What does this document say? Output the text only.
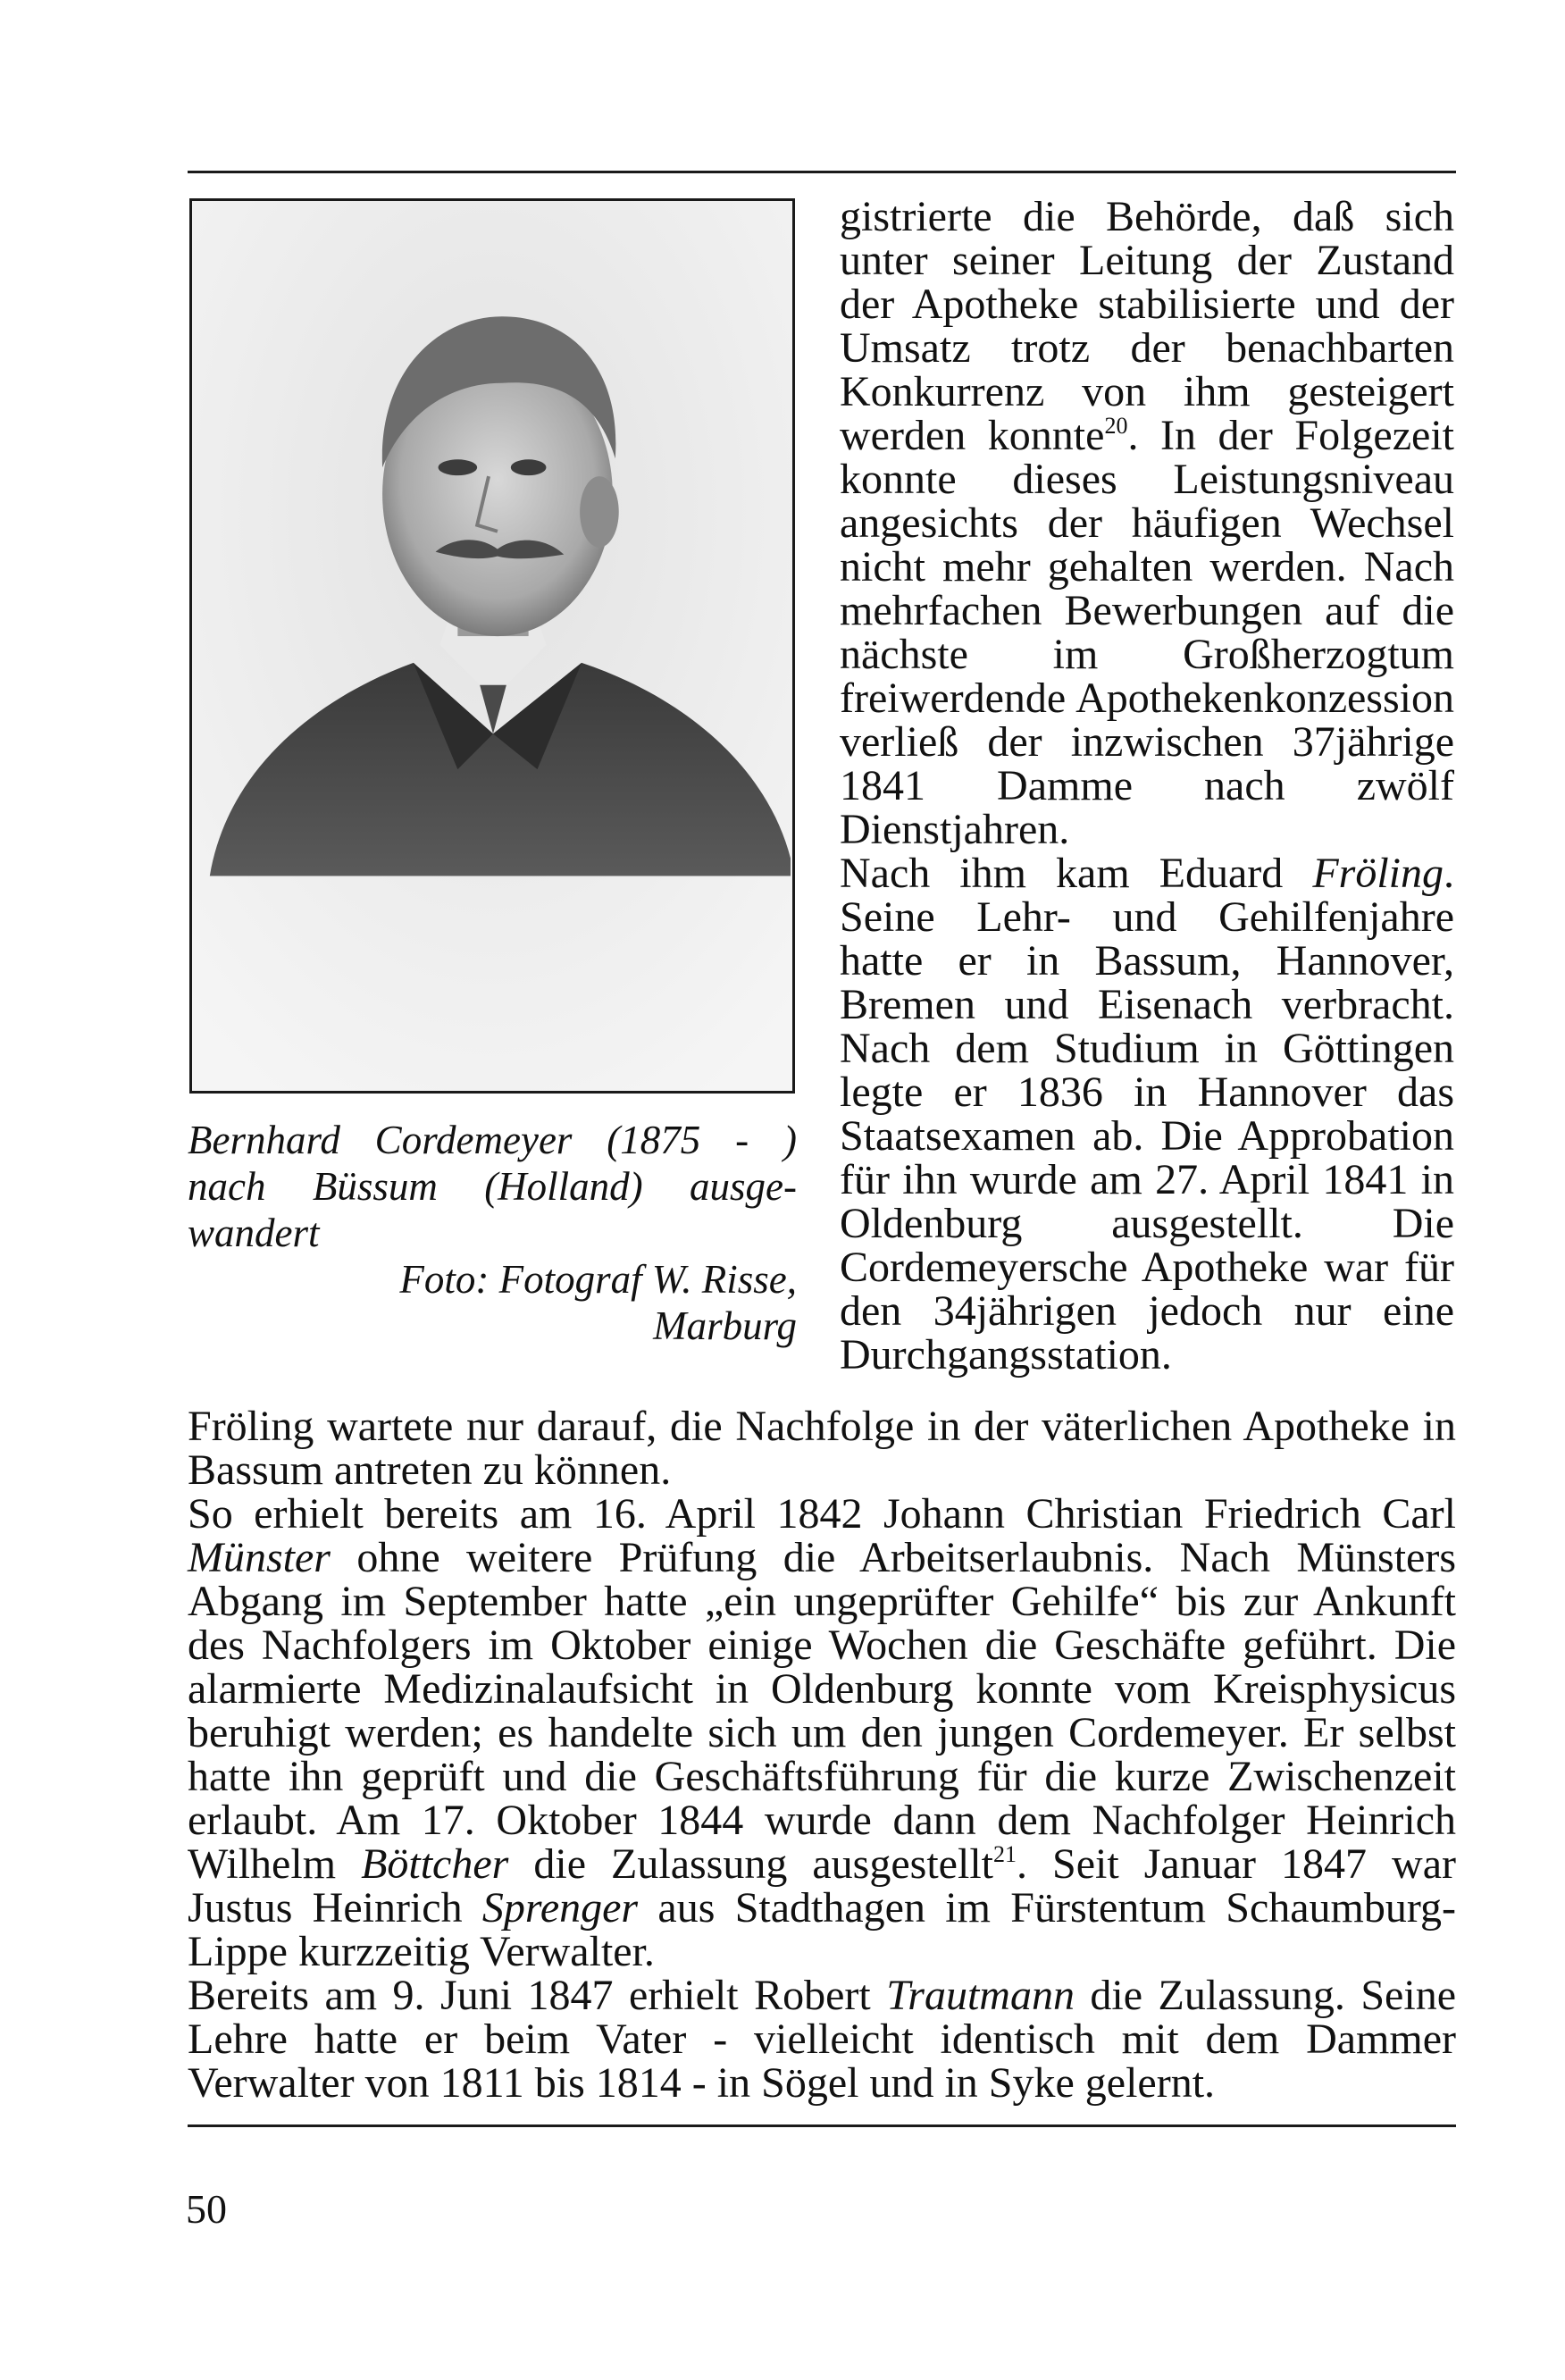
Bernhard Cordemeyer (1875 - )
nach Büssum (Holland) ausge-
wandert
Foto: Fotograf W. Risse,
Marburg

gistrierte die Behörde, daß sich unter seiner Leitung der Zustand der Apotheke stabilisierte und der Umsatz trotz der benachbarten Konkurrenz von ihm gesteigert werden konnte$^{20}$. In der Folgezeit konnte dieses Leistungsniveau angesichts der häufigen Wechsel nicht mehr gehalten werden. Nach mehrfachen Bewerbungen auf die nächste im Großherzogtum freiwerdende Apothekenkonzession verließ der inzwischen 37jährige 1841 Damme nach zwölf Dienstjahren.

Nach ihm kam Eduard Fröling. Seine Lehr- und Gehilfenjahre hatte er in Bassum, Hannover, Bremen und Eisenach verbracht. Nach dem Studium in Göttingen legte er 1836 in Hannover das Staatsexamen ab. Die Approbation für ihn wurde am 27. April 1841 in Oldenburg ausgestellt. Die Cordemeyersche Apotheke war für den 34jährigen jedoch nur eine Durchgangsstation.

Fröling wartete nur darauf, die Nachfolge in der väterlichen Apotheke in Bassum antreten zu können.

So erhielt bereits am 16. April 1842 Johann Christian Friedrich Carl Münster ohne weitere Prüfung die Arbeitserlaubnis. Nach Münsters Abgang im September hatte „ein ungeprüfter Gehilfe“ bis zur Ankunft des Nachfolgers im Oktober einige Wochen die Geschäfte geführt. Die alarmierte Medizinalaufsicht in Oldenburg konnte vom Kreisphysicus beruhigt werden; es handelte sich um den jungen Cordemeyer. Er selbst hatte ihn geprüft und die Geschäftsführung für die kurze Zwischenzeit erlaubt. Am 17. Oktober 1844 wurde dann dem Nachfolger Heinrich Wilhelm Böttcher die Zulassung ausgestellt$^{21}$. Seit Januar 1847 war Justus Heinrich Sprenger aus Stadthagen im Fürstentum Schaumburg-Lippe kurzzeitig Verwalter.

Bereits am 9. Juni 1847 erhielt Robert Trautmann die Zulassung. Seine Lehre hatte er beim Vater - vielleicht identisch mit dem Dammer Verwalter von 1811 bis 1814 - in Sögel und in Syke gelernt.

50
